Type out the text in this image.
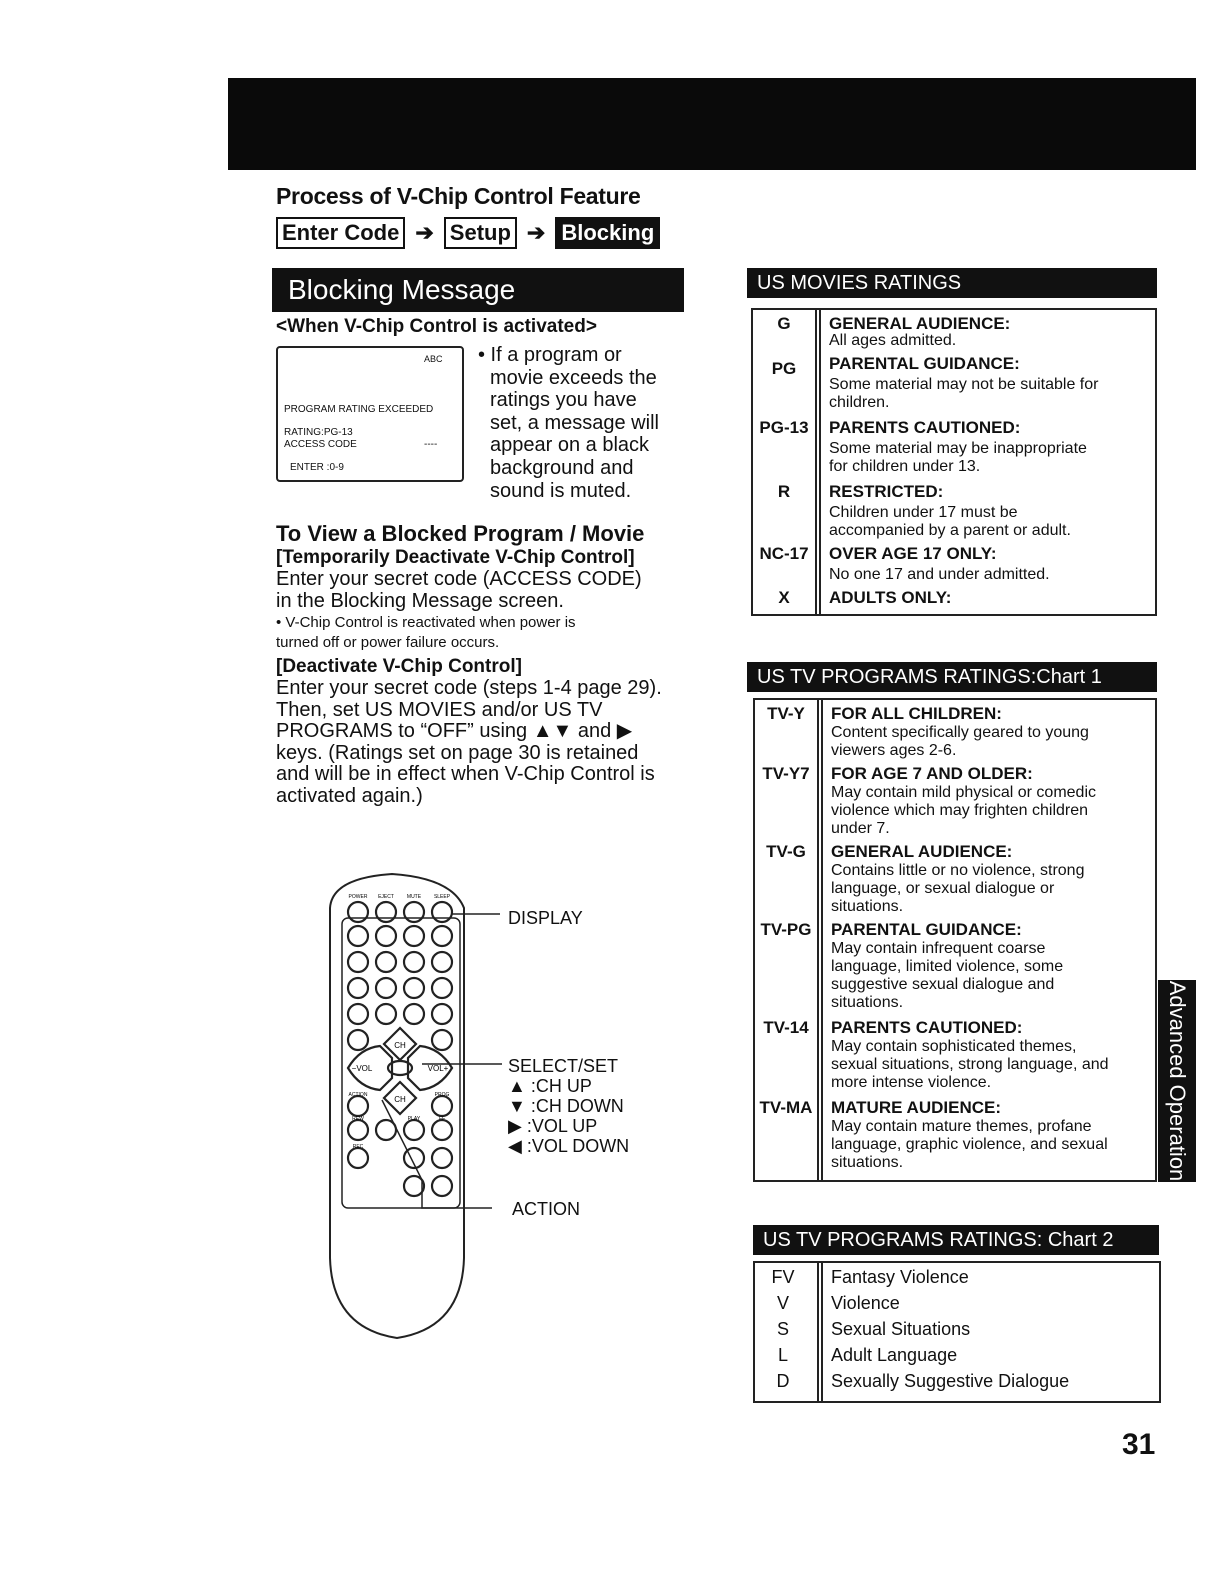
Process of V-Chip Control Feature
Enter Code ➔ Setup ➔ Blocking
Blocking Message
<When V-Chip Control is activated>
ABC
PROGRAM RATING EXCEEDED
RATING:PG-13
ACCESS CODE	----
ENTER :0-9
• If a program or
movie exceeds the
ratings you have
set, a message will
appear on a black
background and
sound is muted.
To View a Blocked Program / Movie
[Temporarily Deactivate V-Chip Control]
Enter your secret code (ACCESS CODE)
in the Blocking Message screen.
• V-Chip Control is reactivated when power is
turned off or power failure occurs.
[Deactivate V-Chip Control]
Enter your secret code (steps 1-4 page 29).
Then, set US MOVIES and/or US TV
PROGRAMS to “OFF” using ▲▼ and ▶
keys. (Ratings set on page 30 is retained
and will be in effect when V-Chip Control is
activated again.)
CH
−VOL	VOL+
CH
POWER EJECT	MUTE	SLEEP
ACTION	PROG
REW	PLAY	FF
REC
DISPLAY
SELECT/SET
▲ :CH UP
▼ :CH DOWN
▶ :VOL UP
◀ :VOL DOWN
ACTION
US MOVIES RATINGS
G	GENERAL AUDIENCE:
All ages admitted.
PG	PARENTAL GUIDANCE:
Some material may not be suitable for
children.
PG-13	PARENTS CAUTIONED:
Some material may be inappropriate
for children under 13.
R	RESTRICTED:
Children under 17 must be
accompanied by a parent or adult.
NC-17	OVER AGE 17 ONLY:
No one 17 and under admitted.
X	ADULTS ONLY:
US TV PROGRAMS RATINGS:Chart 1
TV-Y	FOR ALL CHILDREN:
Content specifically geared to young
viewers ages 2-6.
TV-Y7	FOR AGE 7 AND OLDER:
May contain mild physical or comedic
violence which may frighten children
under 7.
TV-G	GENERAL AUDIENCE:
Contains little or no violence, strong
language, or sexual dialogue or
situations.
TV-PG	PARENTAL GUIDANCE:
May contain infrequent coarse
language, limited violence, some
suggestive sexual dialogue and
situations.
TV-14	PARENTS CAUTIONED:
May contain sophisticated themes,
sexual situations, strong language, and
more intense violence.
TV-MA MATURE AUDIENCE:
May contain mature themes, profane
language, graphic violence, and sexual
situations.
US TV PROGRAMS RATINGS: Chart 2
FV	Fantasy Violence
V	Violence
S	Sexual Situations
L	Adult Language
D	Sexually Suggestive Dialogue
Advanced Operation
31
